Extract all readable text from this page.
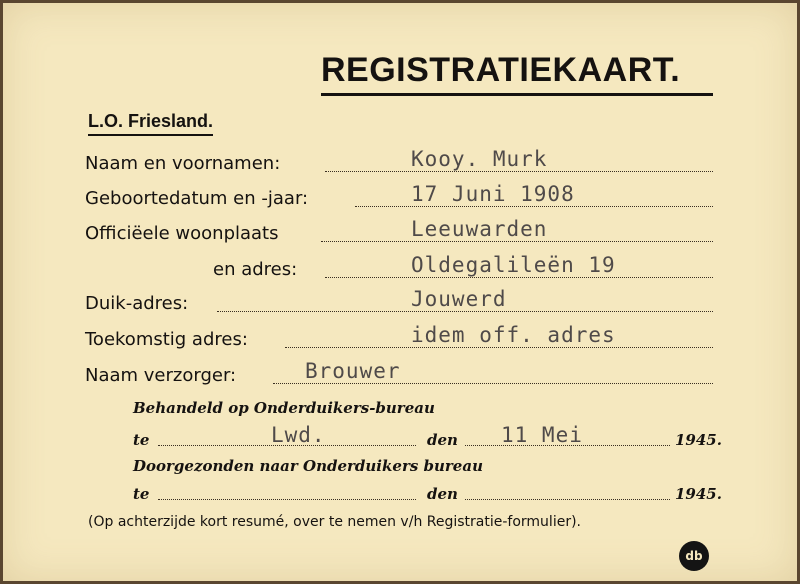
REGISTRATIEKAART.
L.O. Friesland.
Naam en voornamen:	Kooy. Murk
Geboortedatum en -jaar:	17 Juni 1908
Officiëele woonplaats	Leeuwarden
en adres:	Oldegalileën 19
Duik-adres:	Jouwerd
Toekomstig adres:	idem off. adres
Naam verzorger:	Brouwer
Behandeld op Onderduikers-bureau
te	Lwd.	den 11 Mei	1945.
Doorgezonden naar Onderduikers bureau
te	den	1945.
(Op achterzijde kort resumé, over te nemen v/h Registratie-formulier).
db
